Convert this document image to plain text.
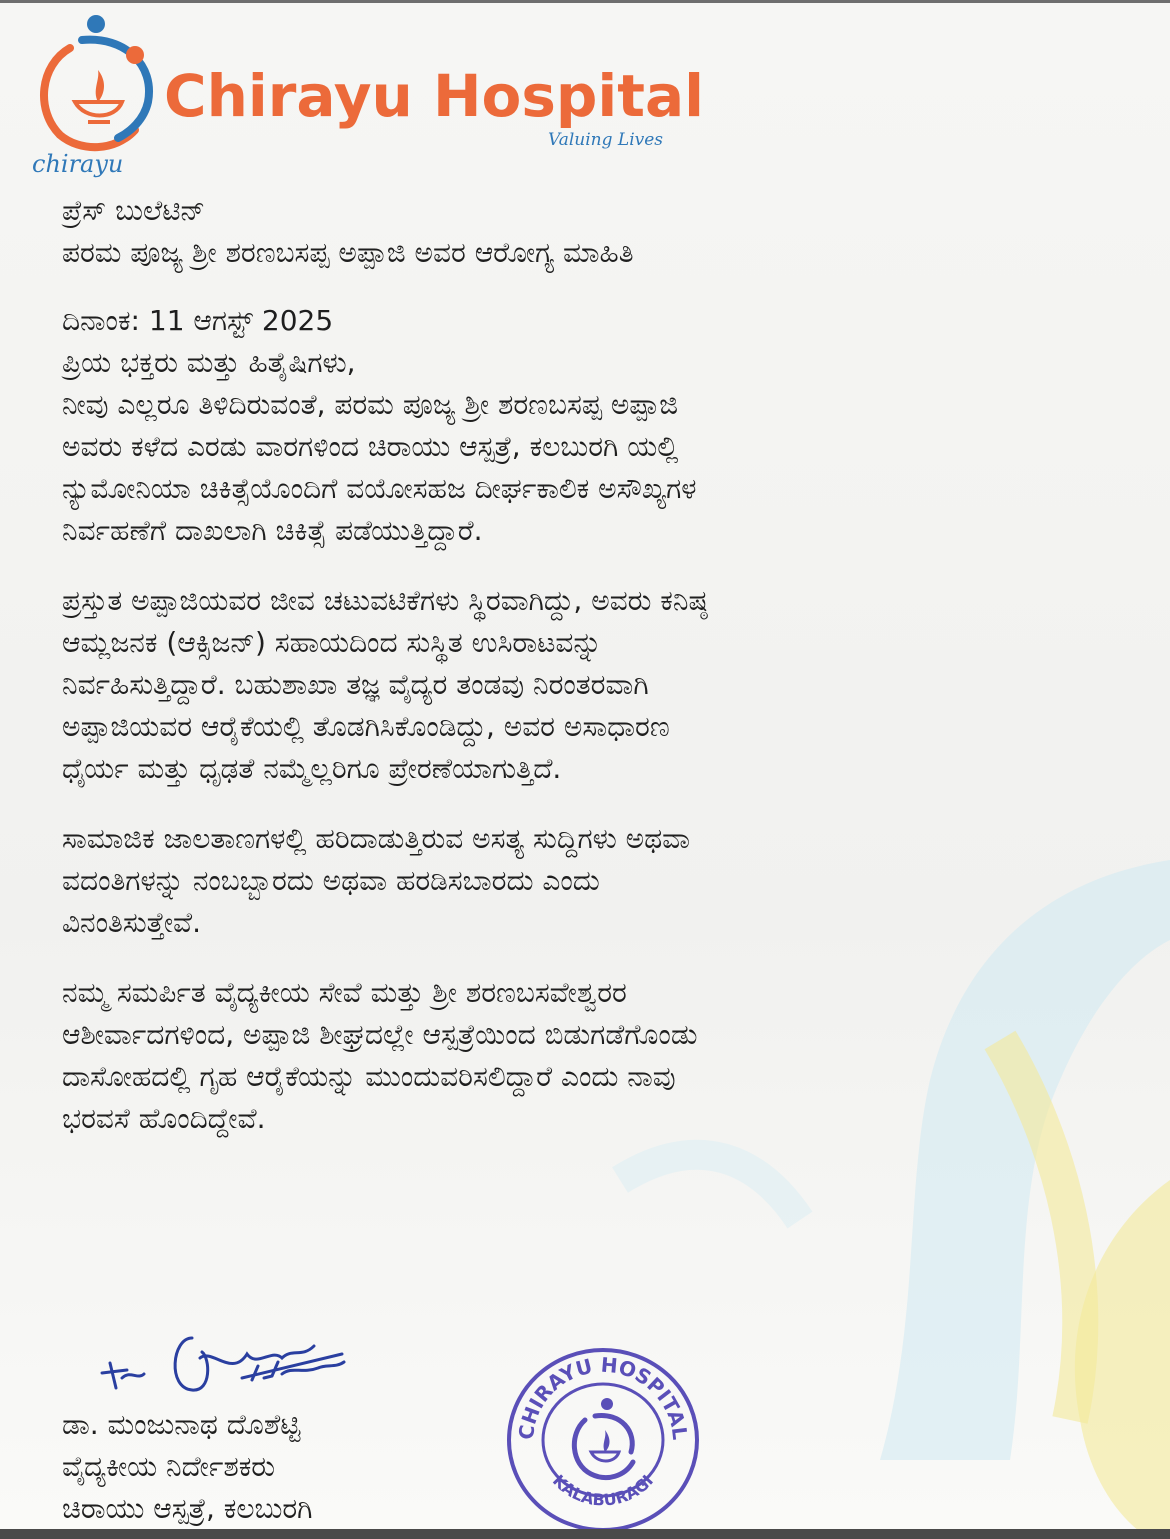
chirayu
Chirayu Hospital
Valuing Lives
ಪ್ರೆಸ್ ಬುಲೆಟಿನ್
ಪರಮ ಪೂಜ್ಯ ಶ್ರೀ ಶರಣಬಸಪ್ಪ ಅಪ್ಪಾಜಿ ಅವರ ಆರೋಗ್ಯ ಮಾಹಿತಿ

ದಿನಾಂಕ: 11 ಆಗಸ್ಟ್ 2025

ಪ್ರಿಯ ಭಕ್ತರು ಮತ್ತು ಹಿತೈಷಿಗಳು,

ನೀವು ಎಲ್ಲರೂ ತಿಳಿದಿರುವಂತೆ, ಪರಮ ಪೂಜ್ಯ ಶ್ರೀ ಶರಣಬಸಪ್ಪ ಅಪ್ಪಾಜಿ
ಅವರು ಕಳೆದ ಎರಡು ವಾರಗಳಿಂದ ಚಿರಾಯು ಆಸ್ಪತ್ರೆ, ಕಲಬುರಗಿ ಯಲ್ಲಿ
ನ್ಯುಮೋನಿಯಾ ಚಿಕಿತ್ಸೆಯೊಂದಿಗೆ ವಯೋಸಹಜ ದೀರ್ಘಕಾಲಿಕ ಅಸೌಖ್ಯಗಳ
ನಿರ್ವಹಣೆಗೆ ದಾಖಲಾಗಿ ಚಿಕಿತ್ಸೆ ಪಡೆಯುತ್ತಿದ್ದಾರೆ.
ಪ್ರಸ್ತುತ ಅಪ್ಪಾಜಿಯವರ ಜೀವ ಚಟುವಟಿಕೆಗಳು ಸ್ಥಿರವಾಗಿದ್ದು, ಅವರು ಕನಿಷ್ಠ
ಆಮ್ಲಜನಕ (ಆಕ್ಸಿಜನ್) ಸಹಾಯದಿಂದ ಸುಸ್ಥಿತ ಉಸಿರಾಟವನ್ನು
ನಿರ್ವಹಿಸುತ್ತಿದ್ದಾರೆ. ಬಹುಶಾಖಾ ತಜ್ಞ ವೈದ್ಯರ ತಂಡವು ನಿರಂತರವಾಗಿ
ಅಪ್ಪಾಜಿಯವರ ಆರೈಕೆಯಲ್ಲಿ ತೊಡಗಿಸಿಕೊಂಡಿದ್ದು, ಅವರ ಅಸಾಧಾರಣ
ಧೈರ್ಯ ಮತ್ತು ಧೃಢತೆ ನಮ್ಮೆಲ್ಲರಿಗೂ ಪ್ರೇರಣೆಯಾಗುತ್ತಿದೆ.
ಸಾಮಾಜಿಕ ಜಾಲತಾಣಗಳಲ್ಲಿ ಹರಿದಾಡುತ್ತಿರುವ ಅಸತ್ಯ ಸುದ್ದಿಗಳು ಅಥವಾ
ವದಂತಿಗಳನ್ನು ನಂಬಬ್ಬಾರದು ಅಥವಾ ಹರಡಿಸಬಾರದು ಎಂದು
ವಿನಂತಿಸುತ್ತೇವೆ.
ನಮ್ಮ ಸಮರ್ಪಿತ ವೈದ್ಯಕೀಯ ಸೇವೆ ಮತ್ತು ಶ್ರೀ ಶರಣಬಸವೇಶ್ವರರ
ಆಶೀರ್ವಾದಗಳಿಂದ, ಅಪ್ಪಾಜಿ ಶೀಘ್ರದಲ್ಲೇ ಆಸ್ಪತ್ರೆಯಿಂದ ಬಿಡುಗಡೆಗೊಂಡು
ದಾಸೋಹದಲ್ಲಿ ಗೃಹ ಆರೈಕೆಯನ್ನು ಮುಂದುವರಿಸಲಿದ್ದಾರೆ ಎಂದು ನಾವು
ಭರವಸೆ ಹೊಂದಿದ್ದೇವೆ.
ಡಾ. ಮಂಜುನಾಥ ದೊಶೆಟ್ಟಿ
ವೈದ್ಯಕೀಯ ನಿರ್ದೇಶಕರು
ಚಿರಾಯು ಆಸ್ಪತ್ರೆ, ಕಲಬುರಗಿ
CHIRAYU HOSPITAL
KALABURAGI
